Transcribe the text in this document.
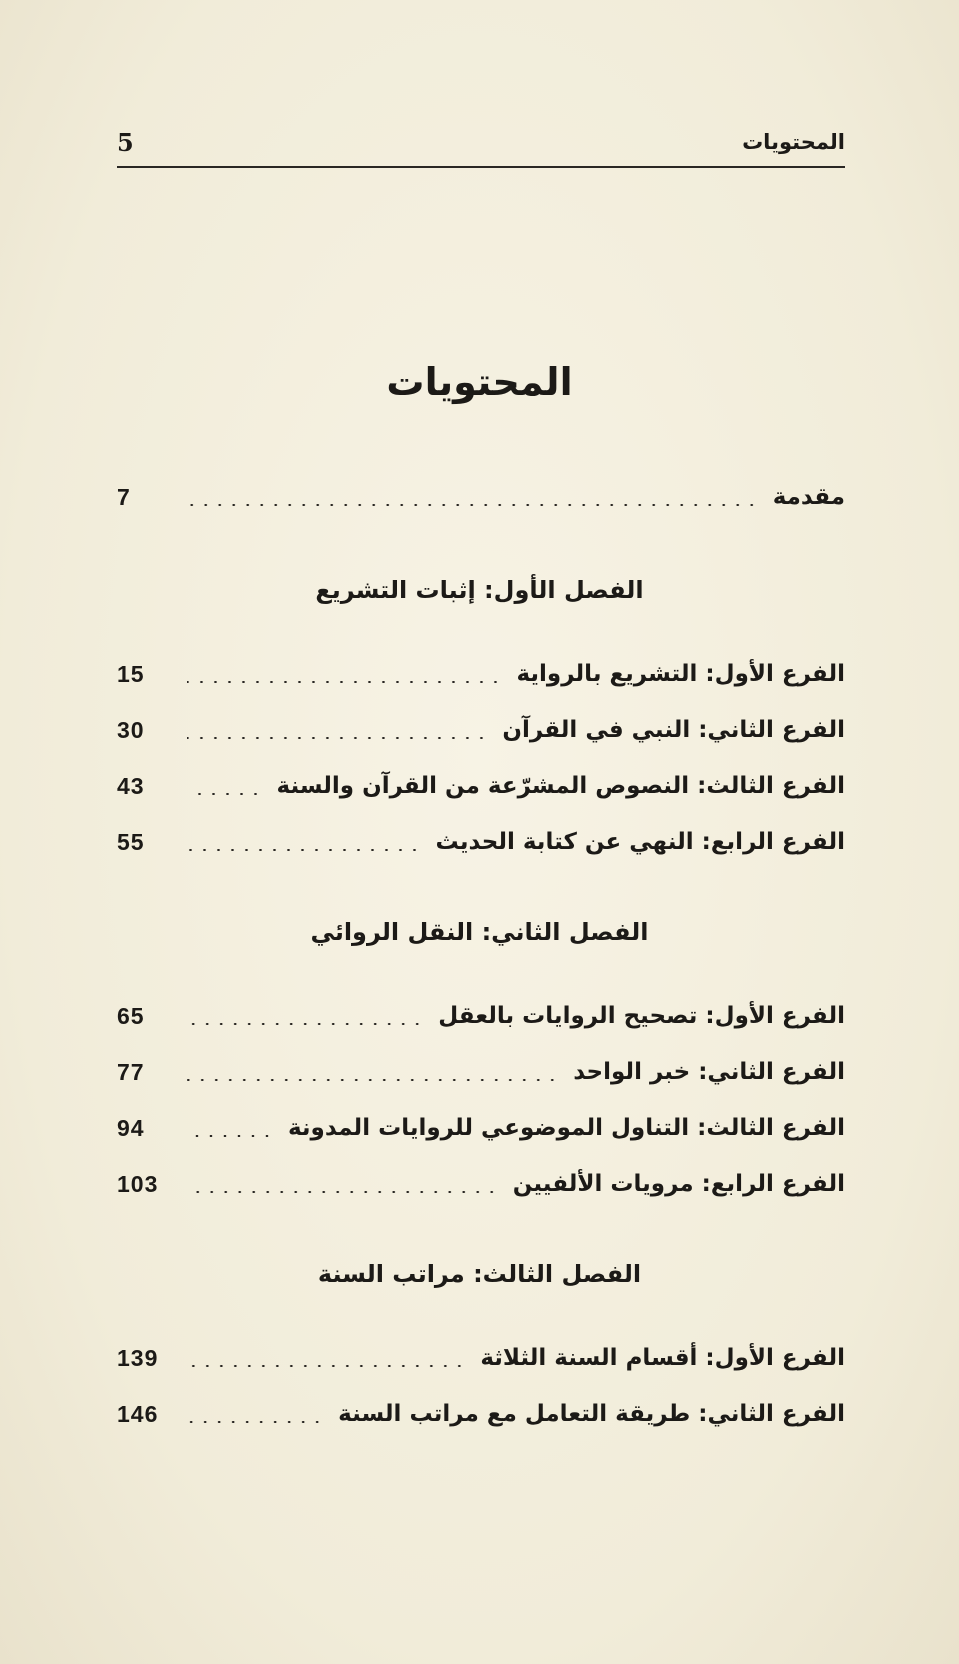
المحتويات
5
المحتويات
مقدمة
7
الفصل الأول: إثبات التشريع
الفرع الأول: التشريع بالرواية
15
الفرع الثاني: النبي في القرآن
30
الفرع الثالث: النصوص المشرّعة من القرآن والسنة
43
الفرع الرابع: النهي عن كتابة الحديث
55
الفصل الثاني: النقل الروائي
الفرع الأول: تصحيح الروايات بالعقل
65
الفرع الثاني: خبر الواحد
77
الفرع الثالث: التناول الموضوعي للروايات المدونة
94
الفرع الرابع: مرويات الألفيين
103
الفصل الثالث: مراتب السنة
الفرع الأول: أقسام السنة الثلاثة
139
الفرع الثاني: طريقة التعامل مع مراتب السنة
146
